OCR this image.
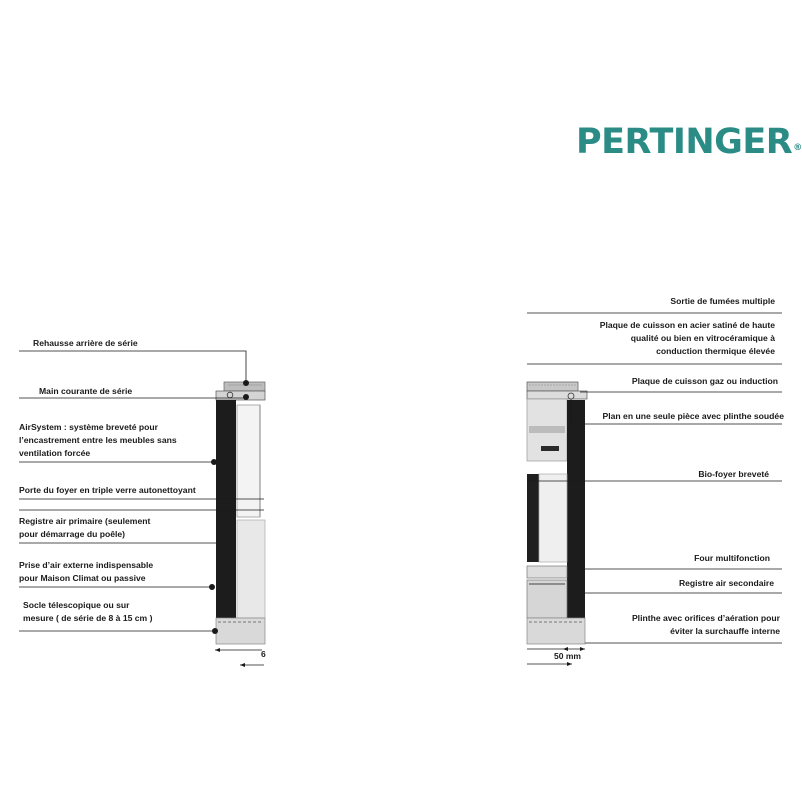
PERTINGER®
Rehausse arrière de série
Main courante de série
AirSystem : système breveté pour
l’encastrement entre les meubles sans
ventilation forcée
Porte du foyer en triple verre autonettoyant
Registre air primaire (seulement
pour démarrage du poêle)
Prise d’air externe indispensable
pour Maison Climat ou passive
Socle télescopique ou sur
mesure ( de série de 8 à 15 cm )
Sortie de fumées multiple
Plaque de cuisson en acier satiné de haute
qualité ou bien en vitrocéramique à
conduction thermique élevée
Plaque de cuisson gaz ou induction
Plan en une seule pièce avec plinthe soudée
Bio-foyer breveté
Four multifonction
Registre air secondaire
Plinthe avec orifices d’aération pour
éviter la surchauffe interne
6	50 mm
